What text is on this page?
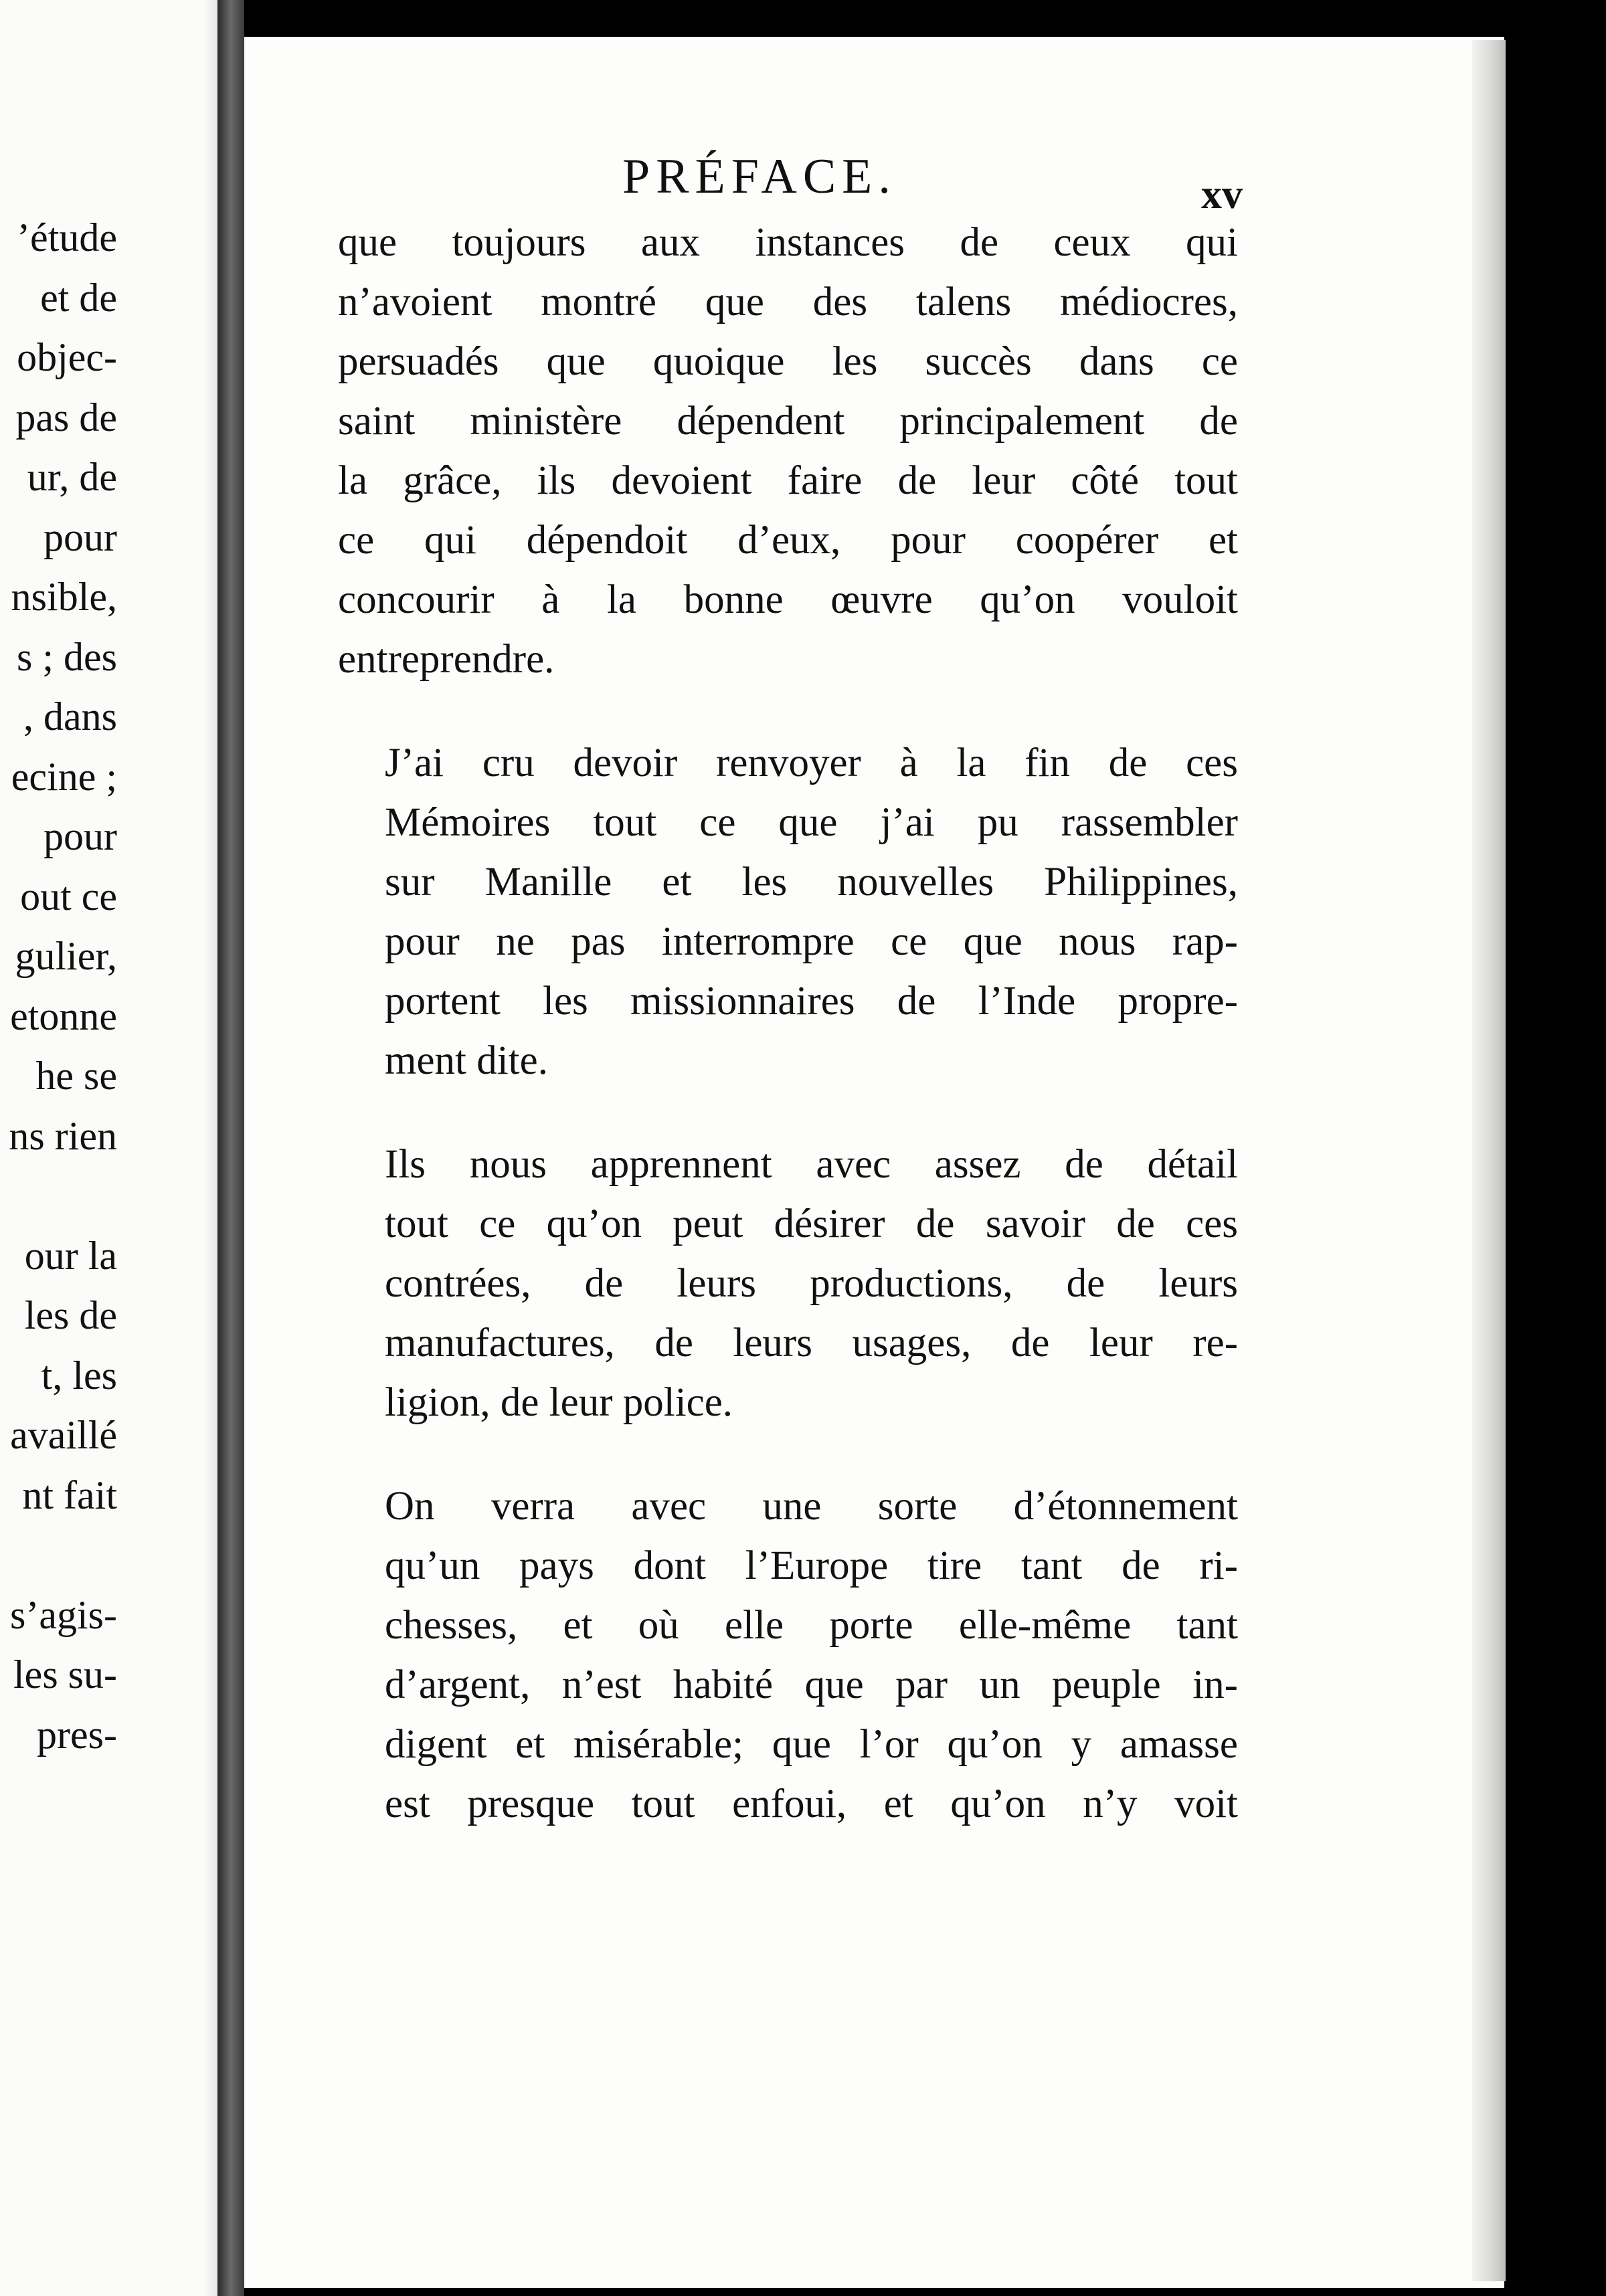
’étude
et de
objec-
pas de
ur, de
pour
nsible,
s ; des
, dans
ecine ;
pour
out ce
gulier,
etonne
he se
ns rien
our la
les de
t, les
availlé
nt fait
s’agis-
les su-
pres-
PRÉFACE.	xv
que toujours aux instances de ceux qui
n’avoient montré que des talens médiocres,
persuadés que quoique les succès dans ce
saint ministère dépendent principalement de
la grâce, ils devoient faire de leur côté tout
ce qui dépendoit d’eux, pour coopérer et
concourir à la bonne œuvre qu’on vouloit
entreprendre.
J’ai cru devoir renvoyer à la fin de ces
Mémoires tout ce que j’ai pu rassembler
sur Manille et les nouvelles Philippines,
pour ne pas interrompre ce que nous rap-
portent les missionnaires de l’Inde propre-
ment dite.
Ils nous apprennent avec assez de détail
tout ce qu’on peut désirer de savoir de ces
contrées, de leurs productions, de leurs
manufactures, de leurs usages, de leur re-
ligion, de leur police.
On verra avec une sorte d’étonnement
qu’un pays dont l’Europe tire tant de ri-
chesses, et où elle porte elle-même tant
d’argent, n’est habité que par un peuple in-
digent et misérable; que l’or qu’on y amasse
est presque tout enfoui, et qu’on n’y voit
